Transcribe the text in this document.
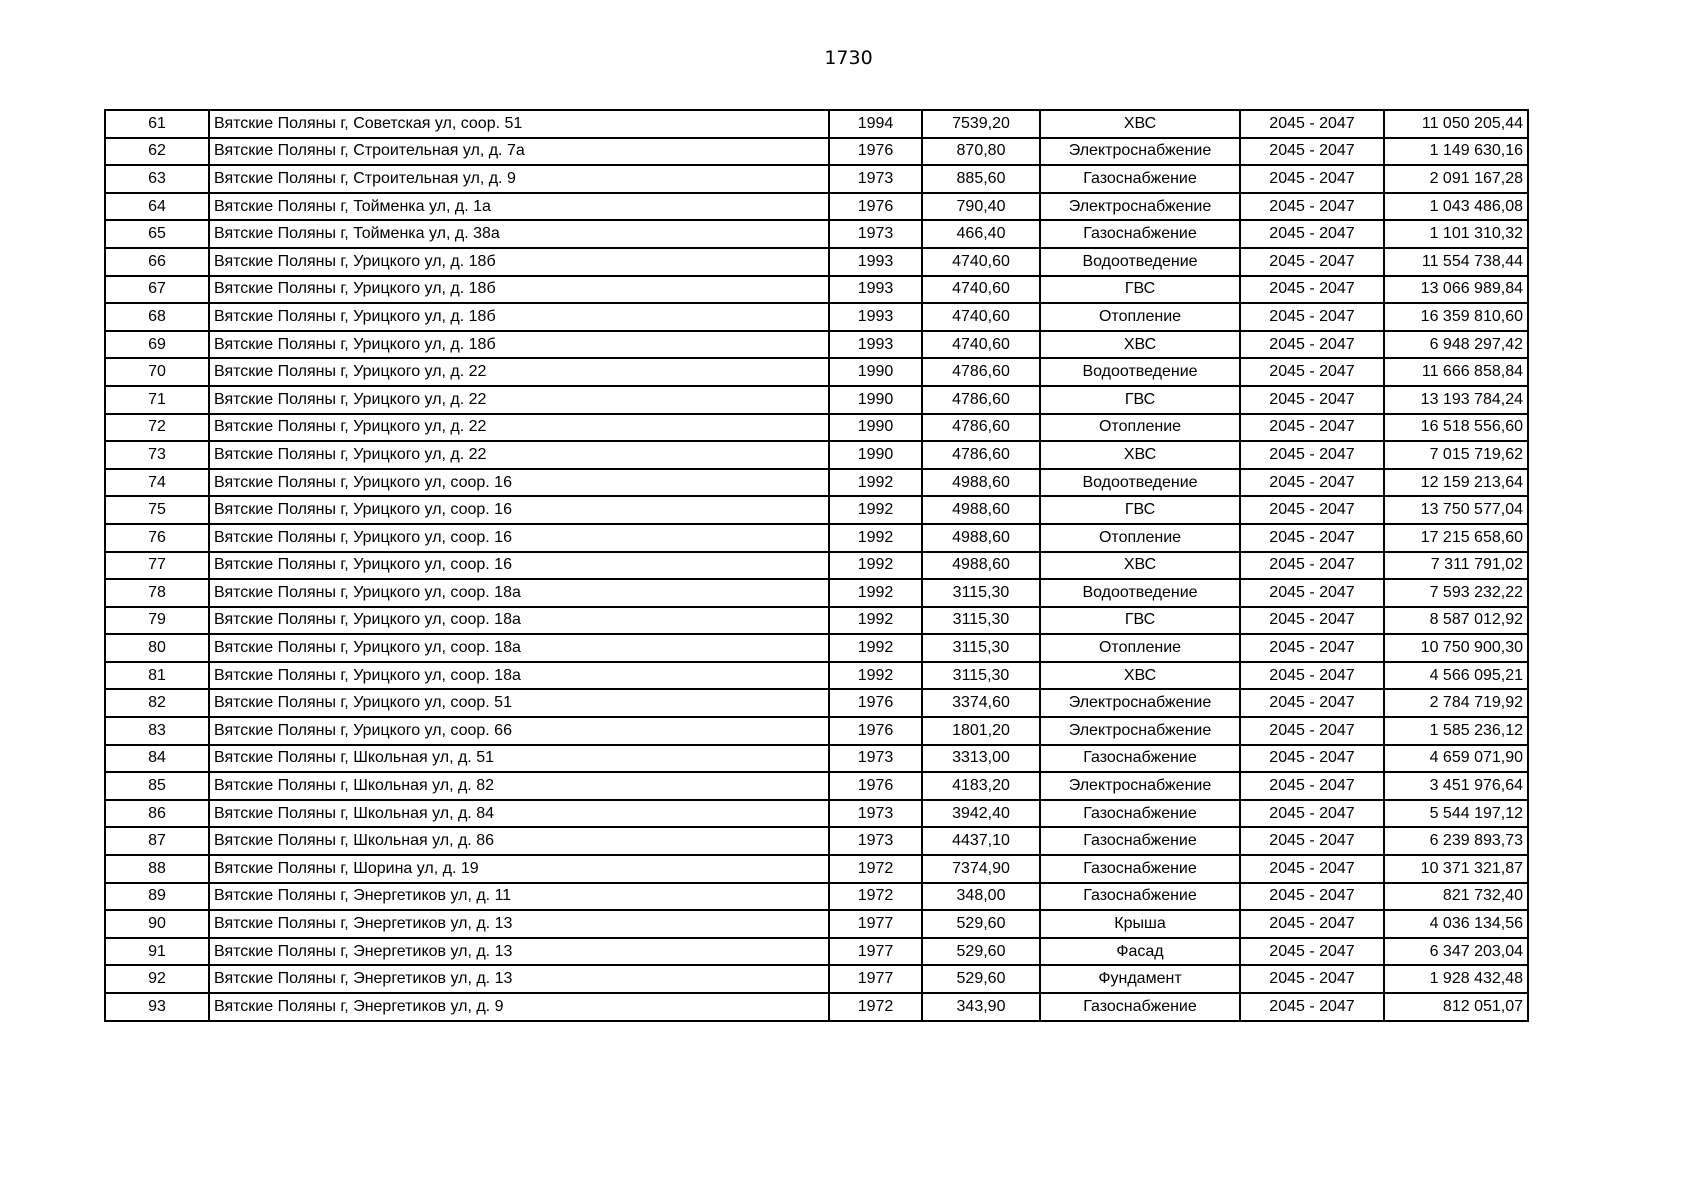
1730
61	Вятские Поляны г, Советская ул, соор. 51	1994	7539,20	ХВС	2045 - 2047	11 050 205,44
62	Вятские Поляны г, Строительная ул, д. 7а	1976	870,80	Электроснабжение	2045 - 2047	1 149 630,16
63	Вятские Поляны г, Строительная ул, д. 9	1973	885,60	Газоснабжение	2045 - 2047	2 091 167,28
64	Вятские Поляны г, Тойменка ул, д. 1а	1976	790,40	Электроснабжение	2045 - 2047	1 043 486,08
65	Вятские Поляны г, Тойменка ул, д. 38а	1973	466,40	Газоснабжение	2045 - 2047	1 101 310,32
66	Вятские Поляны г, Урицкого ул, д. 18б	1993	4740,60	Водоотведение	2045 - 2047	11 554 738,44
67	Вятские Поляны г, Урицкого ул, д. 18б	1993	4740,60	ГВС	2045 - 2047	13 066 989,84
68	Вятские Поляны г, Урицкого ул, д. 18б	1993	4740,60	Отопление	2045 - 2047	16 359 810,60
69	Вятские Поляны г, Урицкого ул, д. 18б	1993	4740,60	ХВС	2045 - 2047	6 948 297,42
70	Вятские Поляны г, Урицкого ул, д. 22	1990	4786,60	Водоотведение	2045 - 2047	11 666 858,84
71	Вятские Поляны г, Урицкого ул, д. 22	1990	4786,60	ГВС	2045 - 2047	13 193 784,24
72	Вятские Поляны г, Урицкого ул, д. 22	1990	4786,60	Отопление	2045 - 2047	16 518 556,60
73	Вятские Поляны г, Урицкого ул, д. 22	1990	4786,60	ХВС	2045 - 2047	7 015 719,62
74	Вятские Поляны г, Урицкого ул, соор. 16	1992	4988,60	Водоотведение	2045 - 2047	12 159 213,64
75	Вятские Поляны г, Урицкого ул, соор. 16	1992	4988,60	ГВС	2045 - 2047	13 750 577,04
76	Вятские Поляны г, Урицкого ул, соор. 16	1992	4988,60	Отопление	2045 - 2047	17 215 658,60
77	Вятские Поляны г, Урицкого ул, соор. 16	1992	4988,60	ХВС	2045 - 2047	7 311 791,02
78	Вятские Поляны г, Урицкого ул, соор. 18а	1992	3115,30	Водоотведение	2045 - 2047	7 593 232,22
79	Вятские Поляны г, Урицкого ул, соор. 18а	1992	3115,30	ГВС	2045 - 2047	8 587 012,92
80	Вятские Поляны г, Урицкого ул, соор. 18а	1992	3115,30	Отопление	2045 - 2047	10 750 900,30
81	Вятские Поляны г, Урицкого ул, соор. 18а	1992	3115,30	ХВС	2045 - 2047	4 566 095,21
82	Вятские Поляны г, Урицкого ул, соор. 51	1976	3374,60	Электроснабжение	2045 - 2047	2 784 719,92
83	Вятские Поляны г, Урицкого ул, соор. 66	1976	1801,20	Электроснабжение	2045 - 2047	1 585 236,12
84	Вятские Поляны г, Школьная ул, д. 51	1973	3313,00	Газоснабжение	2045 - 2047	4 659 071,90
85	Вятские Поляны г, Школьная ул, д. 82	1976	4183,20	Электроснабжение	2045 - 2047	3 451 976,64
86	Вятские Поляны г, Школьная ул, д. 84	1973	3942,40	Газоснабжение	2045 - 2047	5 544 197,12
87	Вятские Поляны г, Школьная ул, д. 86	1973	4437,10	Газоснабжение	2045 - 2047	6 239 893,73
88	Вятские Поляны г, Шорина ул, д. 19	1972	7374,90	Газоснабжение	2045 - 2047	10 371 321,87
89	Вятские Поляны г, Энергетиков ул, д. 11	1972	348,00	Газоснабжение	2045 - 2047	821 732,40
90	Вятские Поляны г, Энергетиков ул, д. 13	1977	529,60	Крыша	2045 - 2047	4 036 134,56
91	Вятские Поляны г, Энергетиков ул, д. 13	1977	529,60	Фасад	2045 - 2047	6 347 203,04
92	Вятские Поляны г, Энергетиков ул, д. 13	1977	529,60	Фундамент	2045 - 2047	1 928 432,48
93	Вятские Поляны г, Энергетиков ул, д. 9	1972	343,90	Газоснабжение	2045 - 2047	812 051,07
